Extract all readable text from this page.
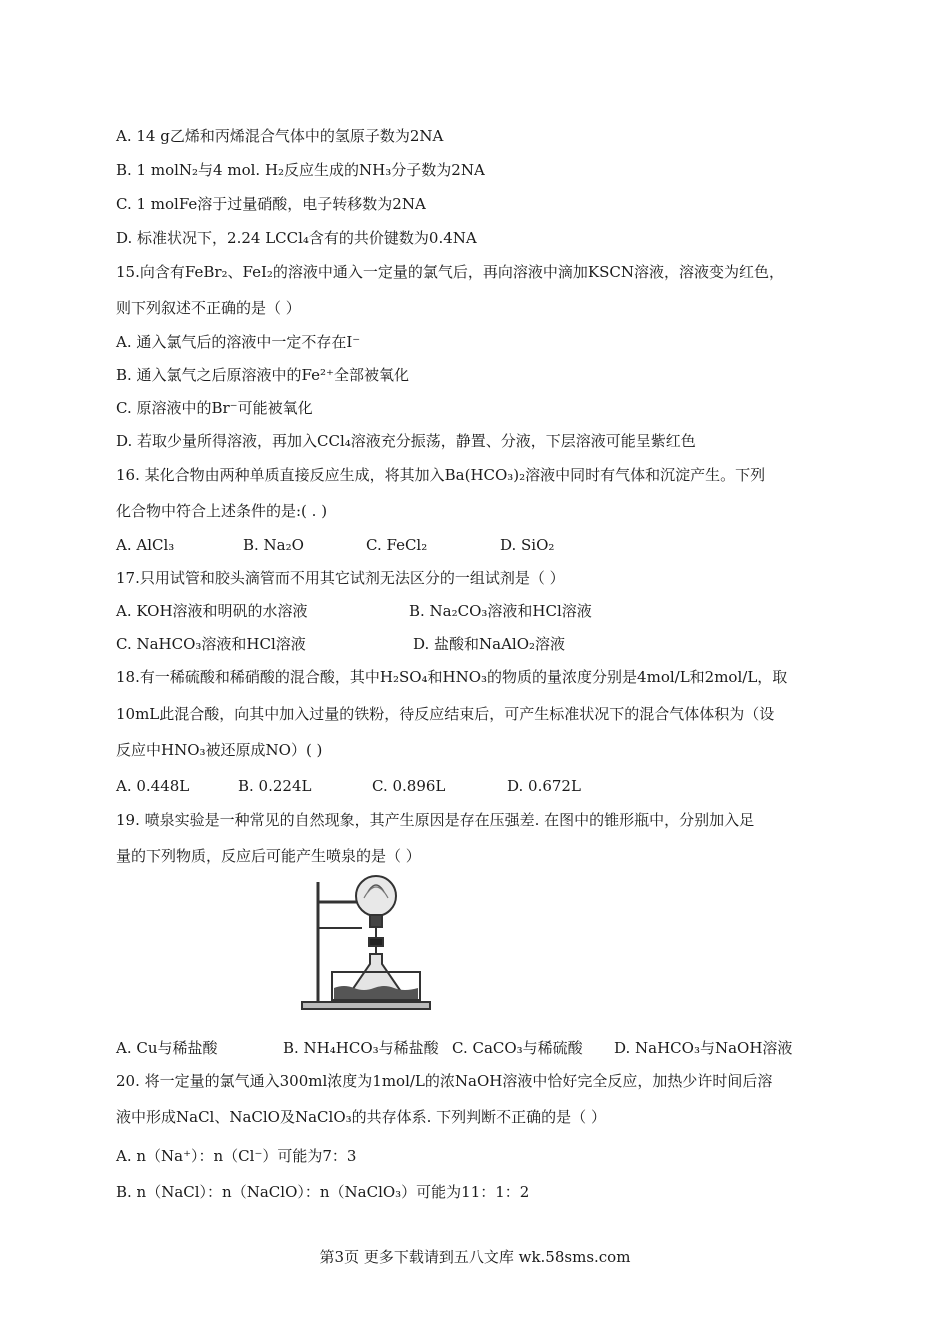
A. 14 g乙烯和丙烯混合气体中的氢原子数为2NA
B. 1 molN₂与4 mol. H₂反应生成的NH₃分子数为2NA
C. 1 molFe溶于过量硝酸，电子转移数为2NA
D. 标准状况下，2.24 LCCl₄含有的共价键数为0.4NA
15.向含有FeBr₂、FeI₂的溶液中通入一定量的氯气后，再向溶液中滴加KSCN溶液，溶液变为红色，
则下列叙述不正确的是（ ）
A. 通入氯气后的溶液中一定不存在I⁻
B. 通入氯气之后原溶液中的Fe²⁺全部被氧化
C. 原溶液中的Br⁻可能被氧化
D. 若取少量所得溶液，再加入CCl₄溶液充分振荡，静置、分液，下层溶液可能呈紫红色
16. 某化合物由两种单质直接反应生成，将其加入Ba(HCO₃)₂溶液中同时有气体和沉淀产生。下列
化合物中符合上述条件的是:( . )
A. AlCl₃	B. Na₂O	C. FeCl₂	D. SiO₂
17.只用试管和胶头滴管而不用其它试剂无法区分的一组试剂是（ ）
A. KOH溶液和明矾的水溶液	B. Na₂CO₃溶液和HCl溶液
C. NaHCO₃溶液和HCl溶液	D. 盐酸和NaAlO₂溶液
18.有一稀硫酸和稀硝酸的混合酸，其中H₂SO₄和HNO₃的物质的量浓度分别是4mol/L和2mol/L，取
10mL此混合酸，向其中加入过量的铁粉，待反应结束后，可产生标准状况下的混合气体体积为（设
反应中HNO₃被还原成NO）( )
A. 0.448L	B. 0.224L	C. 0.896L	D. 0.672L
19. 喷泉实验是一种常见的自然现象，其产生原因是存在压强差. 在图中的锥形瓶中，分别加入足
量的下列物质，反应后可能产生喷泉的是（ ）
A. Cu与稀盐酸	B. NH₄HCO₃与稀盐酸 C. CaCO₃与稀硫酸 D. NaHCO₃与NaOH溶液
20. 将一定量的氯气通入300ml浓度为1mol/L的浓NaOH溶液中恰好完全反应，加热少许时间后溶
液中形成NaCl、NaClO及NaClO₃的共存体系. 下列判断不正确的是（ ）
A. n（Na⁺）：n（Cl⁻）可能为7：3
B. n（NaCl）：n（NaClO）：n（NaClO₃）可能为11：1：2
第3页 更多下载请到五八文库 wk.58sms.com
